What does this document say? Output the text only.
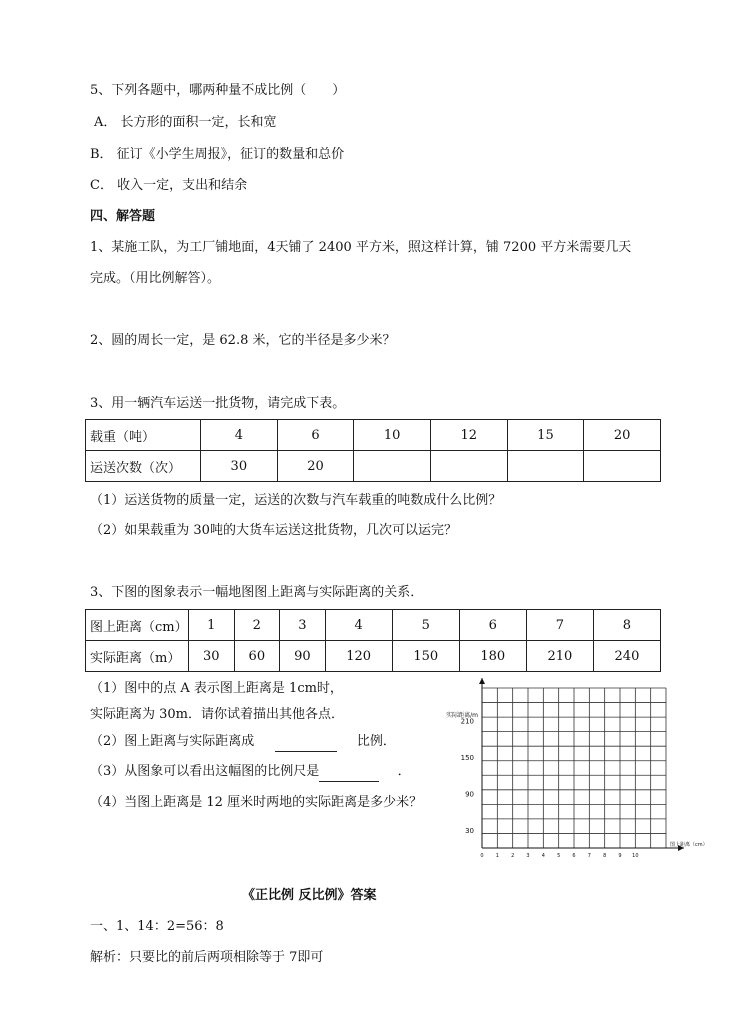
5、下列各题中，哪两种量不成比例（　　）
A． 长方形的面积一定，长和宽
B． 征订《小学生周报》，征订的数量和总价
C． 收入一定，支出和结余
四、解答题
1、某施工队，为工厂铺地面，4天铺了 2400 平方米，照这样计算，铺 7200 平方米需要几天
完成。（用比例解答）。
2、圆的周长一定，是 62.8 米，它的半径是多少米？
3、用一辆汽车运送一批货物，请完成下表。
载重（吨）	4	6	10	12	15	20
运送次数（次）	30	20				
（1）运送货物的质量一定，运送的次数与汽车载重的吨数成什么比例？
（2）如果载重为 30吨的大货车运送这批货物，几次可以运完？
3、下图的图象表示一幅地图图上距离与实际距离的关系．
图上距离（cm）	1	2	3	4	5	6	7	8
实际距离（m）	30	60	90	120	150	180	210	240
（1）图中的点 A 表示图上距离是 1cm时，
实际距离为 30m．请你试着描出其他各点．
（2）图上距离与实际距离成	比例．
（3）从图象可以看出这幅图的比例尺是	．
（4）当图上距离是 12 厘米时两地的实际距离是多少米？
0 1 2 3 4 5 6 7 8 9 10
30
90
150
210
实际距离/m
图上距离（cm）
《正比例 反比例》答案
一、1、14：2=56：8
解析：只要比的前后两项相除等于 7即可
